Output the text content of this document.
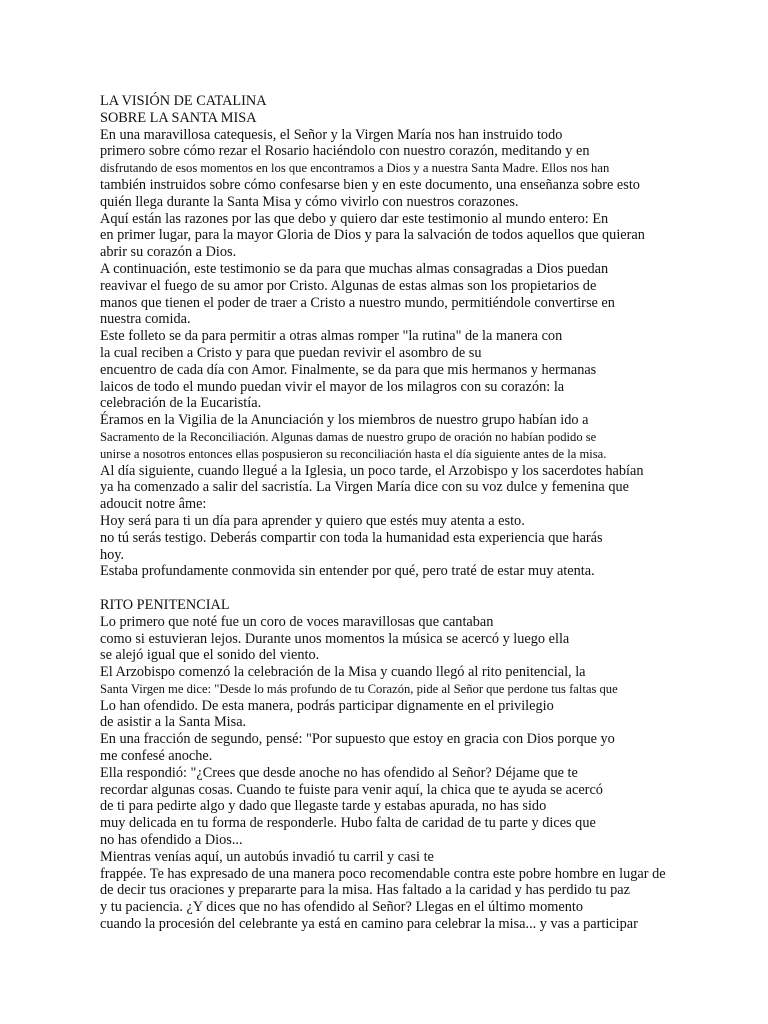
LA VISIÓN DE CATALINA
SOBRE LA SANTA MISA
En una maravillosa catequesis, el Señor y la Virgen María nos han instruido todo
primero sobre cómo rezar el Rosario haciéndolo con nuestro corazón, meditando y en
disfrutando de esos momentos en los que encontramos a Dios y a nuestra Santa Madre. Ellos nos han
también instruidos sobre cómo confesarse bien y en este documento, una enseñanza sobre esto
quién llega durante la Santa Misa y cómo vivirlo con nuestros corazones.
Aquí están las razones por las que debo y quiero dar este testimonio al mundo entero: En
en primer lugar, para la mayor Gloria de Dios y para la salvación de todos aquellos que quieran
abrir su corazón a Dios.
A continuación, este testimonio se da para que muchas almas consagradas a Dios puedan
reavivar el fuego de su amor por Cristo. Algunas de estas almas son los propietarios de
manos que tienen el poder de traer a Cristo a nuestro mundo, permitiéndole convertirse en
nuestra comida.
Este folleto se da para permitir a otras almas romper "la rutina" de la manera con
la cual reciben a Cristo y para que puedan revivir el asombro de su
encuentro de cada día con Amor. Finalmente, se da para que mis hermanos y hermanas
laicos de todo el mundo puedan vivir el mayor de los milagros con su corazón: la
celebración de la Eucaristía.
Éramos en la Vigilia de la Anunciación y los miembros de nuestro grupo habían ido a
Sacramento de la Reconciliación. Algunas damas de nuestro grupo de oración no habían podido se
unirse a nosotros entonces ellas pospusieron su reconciliación hasta el día siguiente antes de la misa.
Al día siguiente, cuando llegué a la Iglesia, un poco tarde, el Arzobispo y los sacerdotes habían
ya ha comenzado a salir del sacristía. La Virgen María dice con su voz dulce y femenina que
adoucit notre âme:
Hoy será para ti un día para aprender y quiero que estés muy atenta a esto.
no tú serás testigo. Deberás compartir con toda la humanidad esta experiencia que harás
hoy.
Estaba profundamente conmovida sin entender por qué, pero traté de estar muy atenta.
RITO PENITENCIAL
Lo primero que noté fue un coro de voces maravillosas que cantaban
como si estuvieran lejos. Durante unos momentos la música se acercó y luego ella
se alejó igual que el sonido del viento.
El Arzobispo comenzó la celebración de la Misa y cuando llegó al rito penitencial, la
Santa Virgen me dice: "Desde lo más profundo de tu Corazón, pide al Señor que perdone tus faltas que
Lo han ofendido. De esta manera, podrás participar dignamente en el privilegio
de asistir a la Santa Misa.
En una fracción de segundo, pensé: "Por supuesto que estoy en gracia con Dios porque yo
me confesé anoche.
Ella respondió: "¿Crees que desde anoche no has ofendido al Señor? Déjame que te
recordar algunas cosas. Cuando te fuiste para venir aquí, la chica que te ayuda se acercó
de ti para pedirte algo y dado que llegaste tarde y estabas apurada, no has sido
muy delicada en tu forma de responderle. Hubo falta de caridad de tu parte y dices que
no has ofendido a Dios...
Mientras venías aquí, un autobús invadió tu carril y casi te
frappée. Te has expresado de una manera poco recomendable contra este pobre hombre en lugar de
de decir tus oraciones y prepararte para la misa. Has faltado a la caridad y has perdido tu paz
y tu paciencia. ¿Y dices que no has ofendido al Señor? Llegas en el último momento
cuando la procesión del celebrante ya está en camino para celebrar la misa... y vas a participar
